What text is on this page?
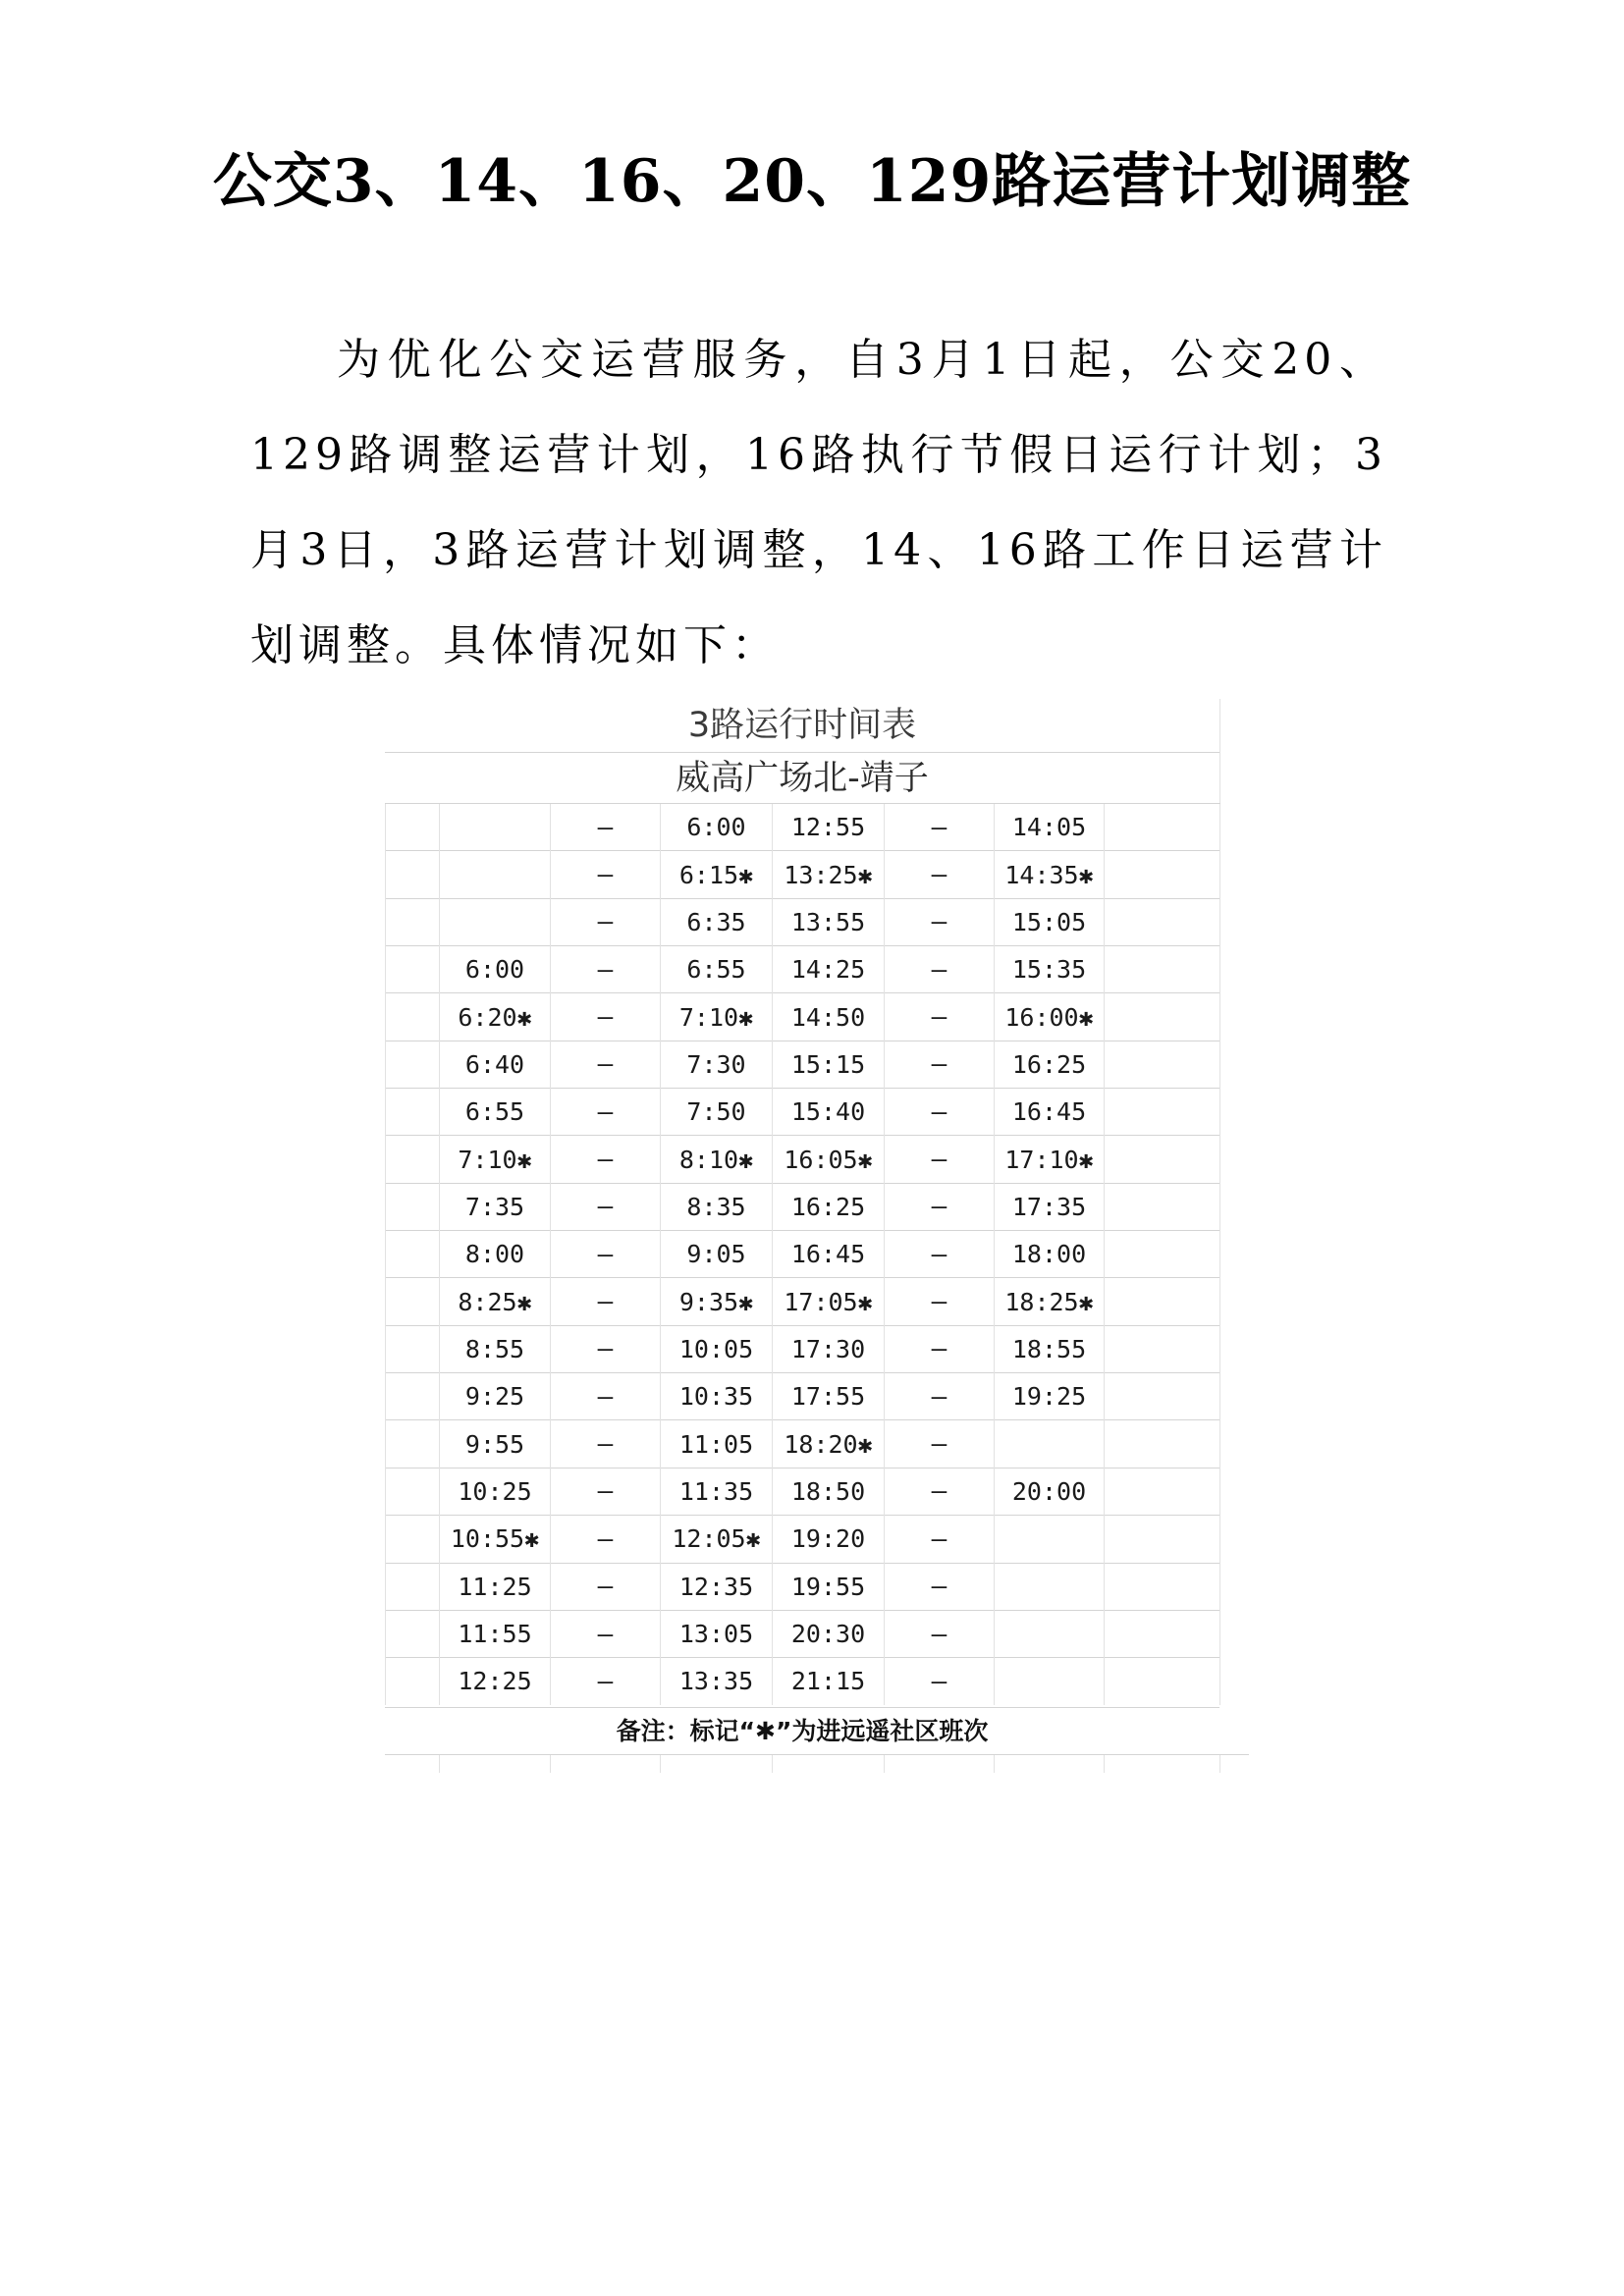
公交3、14、16、20、129路运营计划调整

为优化公交运营服务，自3月1日起，公交20、129路调整运营计划，16路执行节假日运行计划；3月3日，3路运营计划调整，14、16路工作日运营计划调整。具体情况如下：

3路运行时间表
威高广场北-靖子
		—	6:00	12:55	—	14:05		
		—	6:15✱	13:25✱	—	14:35✱		
		—	6:35	13:55	—	15:05		
	6:00	—	6:55	14:25	—	15:35		
	6:20✱	—	7:10✱	14:50	—	16:00✱		
	6:40	—	7:30	15:15	—	16:25		
	6:55	—	7:50	15:40	—	16:45		
	7:10✱	—	8:10✱	16:05✱	—	17:10✱		
	7:35	—	8:35	16:25	—	17:35		
	8:00	—	9:05	16:45	—	18:00		
	8:25✱	—	9:35✱	17:05✱	—	18:25✱		
	8:55	—	10:05	17:30	—	18:55		
	9:25	—	10:35	17:55	—	19:25		
	9:55	—	11:05	18:20✱	—			
	10:25	—	11:35	18:50	—	20:00		
	10:55✱	—	12:05✱	19:20	—			
	11:25	—	12:35	19:55	—			
	11:55	—	13:05	20:30	—			
	12:25	—	13:35	21:15	—			
备注：标记“✱”为进远遥社区班次
